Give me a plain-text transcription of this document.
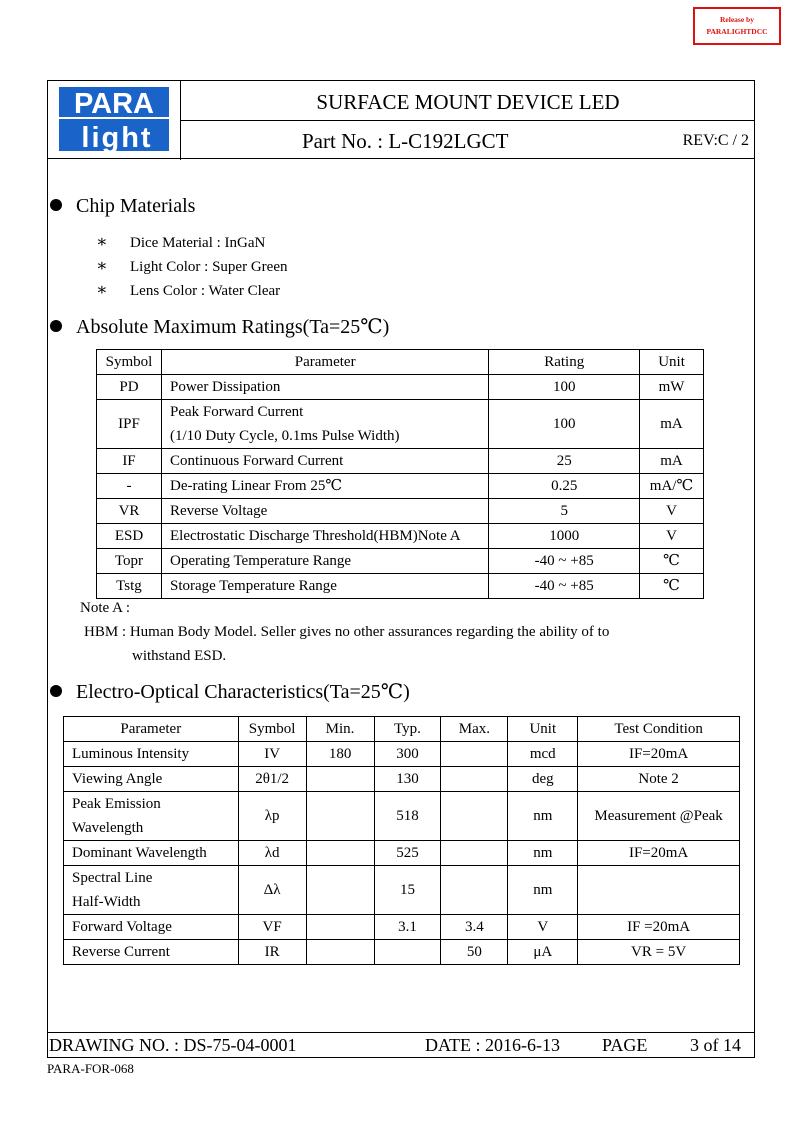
Release by
PARALIGHTDCC
PARA
light
SURFACE MOUNT DEVICE LED
Part No. : L-C192LGCT	REV:C / 2
Chip Materials
∗ Dice Material : InGaN
∗ Light Color : Super Green
∗ Lens Color : Water Clear
Absolute Maximum Ratings(Ta=25℃)
Symbol	Parameter	Rating	Unit
PD	Power Dissipation	100	mW
IPF	Peak Forward Current
(1/10 Duty Cycle, 0.1ms Pulse Width)	100	mA
IF	Continuous Forward Current	25	mA
-	De-rating Linear From 25℃	0.25	mA/℃
VR	Reverse Voltage	5	V
ESD	Electrostatic Discharge Threshold(HBM)Note A	1000	V
Topr	Operating Temperature Range	-40 ~ +85	℃
Tstg	Storage Temperature Range	-40 ~ +85	℃
Note A :
HBM : Human Body Model. Seller gives no other assurances regarding the ability of to
withstand ESD.
Electro-Optical Characteristics(Ta=25℃)
Parameter	Symbol	Min.	Typ.	Max.	Unit	Test Condition
Luminous Intensity	IV	180	300		mcd	IF=20mA
Viewing Angle	2θ1/2		130		deg	Note 2

Peak Emission
Wavelength	λp		518		nm	Measurement @Peak
Dominant Wavelength	λd		525		nm	IF=20mA

Spectral Line
Half-Width	Δλ		15		nm	
Forward Voltage	VF		3.1	3.4	V	IF =20mA
Reverse Current	IR			50	μA	VR = 5V
DRAWING NO. : DS-75-04-0001	DATE : 2016-6-13 PAGE 3 of 14
PARA-FOR-068
